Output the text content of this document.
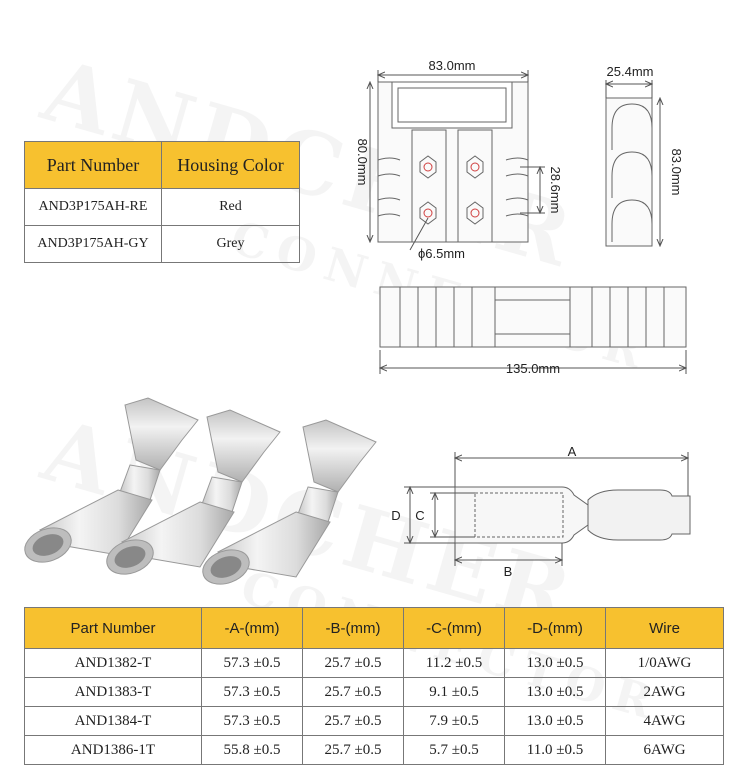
Part Number	Housing Color
AND3P175AH-RE	Red
AND3P175AH-GY	Grey
83.0mm
80.0mm
28.6mm
ϕ6.5mm
25.4mm
83.0mm
135.0mm
A
B
C
D
Part Number	-A-(mm)	-B-(mm)	-C-(mm)	-D-(mm)	Wire
AND1382-T	57.3 ±0.5	25.7 ±0.5	11.2 ±0.5	13.0 ±0.5	1/0AWG
AND1383-T	57.3 ±0.5	25.7 ±0.5	9.1 ±0.5	13.0 ±0.5	2AWG
AND1384-T	57.3 ±0.5	25.7 ±0.5	7.9 ±0.5	13.0 ±0.5	4AWG
AND1386-1T	55.8 ±0.5	25.7 ±0.5	5.7 ±0.5	11.0 ±0.5	6AWG
